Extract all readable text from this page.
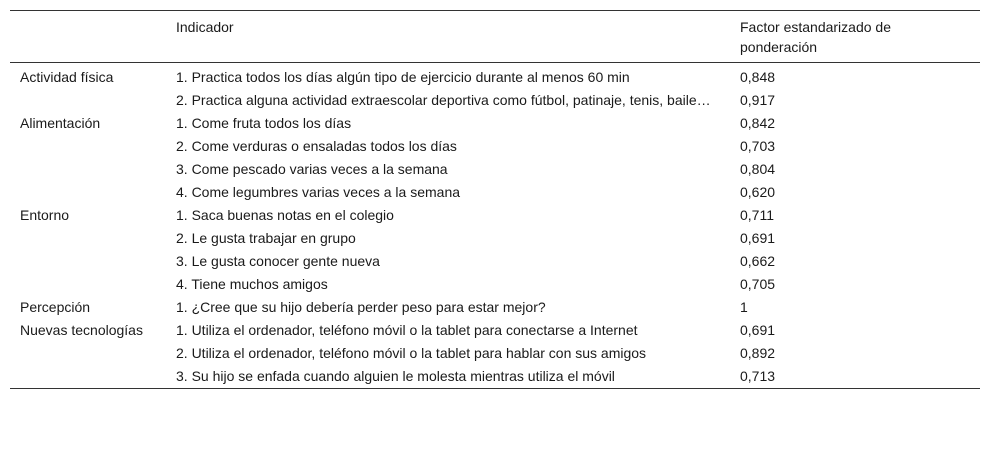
	Indicador	Factor estandarizado de ponderación
Actividad física	1. Practica todos los días algún tipo de ejercicio durante al menos 60 min	0,848
	2. Practica alguna actividad extraescolar deportiva como fútbol, patinaje, tenis, baile…	0,917
Alimentación	1. Come fruta todos los días	0,842
	2. Come verduras o ensaladas todos los días	0,703
	3. Come pescado varias veces a la semana	0,804
	4. Come legumbres varias veces a la semana	0,620
Entorno	1. Saca buenas notas en el colegio	0,711
	2. Le gusta trabajar en grupo	0,691
	3. Le gusta conocer gente nueva	0,662
	4. Tiene muchos amigos	0,705
Percepción	1. ¿Cree que su hijo debería perder peso para estar mejor?	1
Nuevas tecnologías	1. Utiliza el ordenador, teléfono móvil o la tablet para conectarse a Internet	0,691
	2. Utiliza el ordenador, teléfono móvil o la tablet para hablar con sus amigos	0,892
	3. Su hijo se enfada cuando alguien le molesta mientras utiliza el móvil	0,713
